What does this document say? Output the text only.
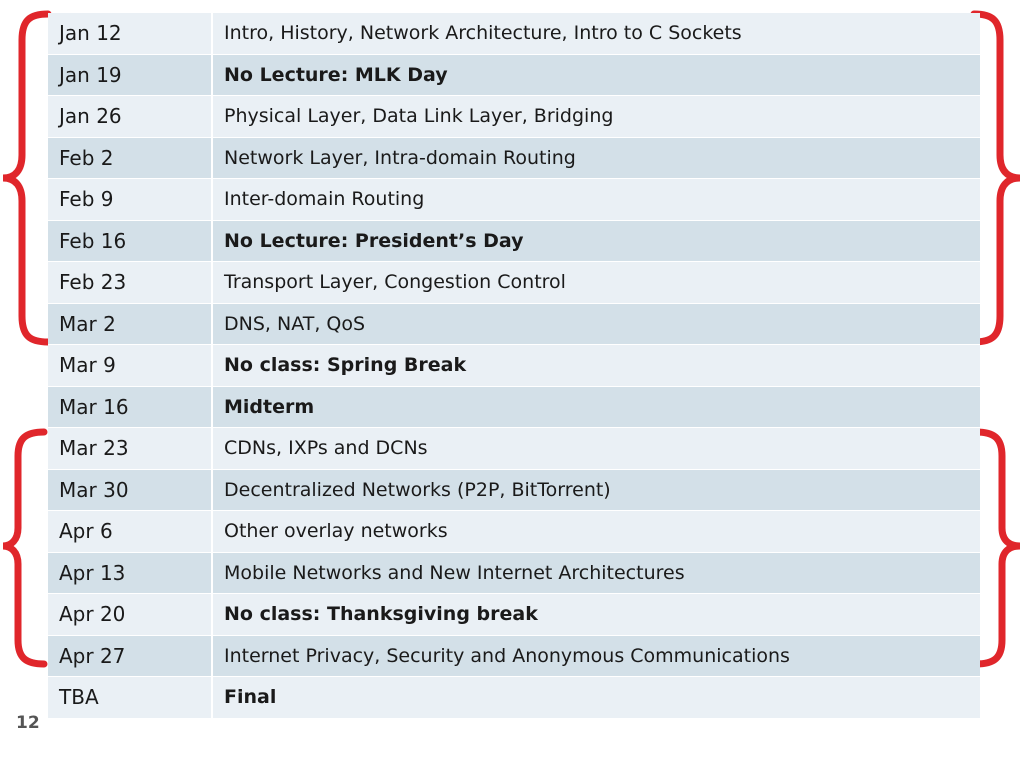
Jan 12	Intro, History, Network Architecture, Intro to C Sockets
Jan 19	No Lecture: MLK Day
Jan 26	Physical Layer, Data Link Layer, Bridging
Feb 2	Network Layer, Intra-domain Routing
Feb 9	Inter-domain Routing
Feb 16	No Lecture: President’s Day
Feb 23	Transport Layer, Congestion Control
Mar 2	DNS, NAT, QoS
Mar 9	No class: Spring Break
Mar 16	Midterm
Mar 23	CDNs, IXPs and DCNs
Mar 30	Decentralized Networks (P2P, BitTorrent)
Apr 6	Other overlay networks
Apr 13	Mobile Networks and New Internet Architectures
Apr 20	No class: Thanksgiving break
Apr 27	Internet Privacy, Security and Anonymous Communications
TBA	Final
12
